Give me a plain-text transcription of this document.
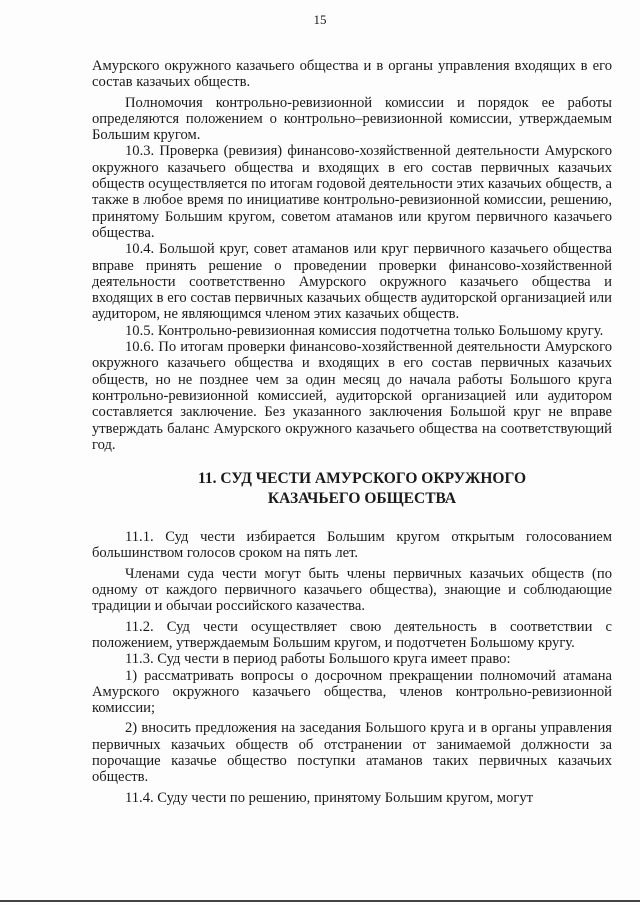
15

Амурского окружного казачьего общества и в органы управления входящих в его состав казачьих обществ.

Полномочия контрольно-ревизионной комиссии и порядок ее работы определяются положением о контрольно–ревизионной комиссии, утверждаемым Большим кругом.

10.3. Проверка (ревизия) финансово-хозяйственной деятельности Амурского окружного казачьего общества и входящих в его состав первичных казачьих обществ осуществляется по итогам годовой деятельности этих казачьих обществ, а также в любое время по инициативе контрольно-ревизионной комиссии, решению, принятому Большим кругом, советом атаманов или кругом первичного казачьего общества.

10.4. Большой круг, совет атаманов или круг первичного казачьего общества вправе принять решение о проведении проверки финансово-хозяйственной деятельности соответственно Амурского окружного казачьего общества и входящих в его состав первичных казачьих обществ аудиторской организацией или аудитором, не являющимся членом этих казачьих обществ.

10.5. Контрольно-ревизионная комиссия подотчетна только Большому кругу.

10.6. По итогам проверки финансово-хозяйственной деятельности Амурского окружного казачьего общества и входящих в его состав первичных казачьих обществ, но не позднее чем за один месяц до начала работы Большого круга контрольно-ревизионной комиссией, аудиторской организацией или аудитором составляется заключение. Без указанного заключения Большой круг не вправе утверждать баланс Амурского окружного казачьего общества на соответствующий год.

11. СУД ЧЕСТИ АМУРСКОГО ОКРУЖНОГО
КАЗАЧЬЕГО ОБЩЕСТВА

11.1. Суд чести избирается Большим кругом открытым голосованием большинством голосов сроком на пять лет.

Членами суда чести могут быть члены первичных казачьих обществ (по одному от каждого первичного казачьего общества), знающие и соблюдающие традиции и обычаи российского казачества.

11.2. Суд чести осуществляет свою деятельность в соответствии с положением, утверждаемым Большим кругом, и подотчетен Большому кругу.

11.3. Суд чести в период работы Большого круга имеет право:

1) рассматривать вопросы о досрочном прекращении полномочий атамана Амурского окружного казачьего общества, членов контрольно-ревизионной комиссии;

2) вносить предложения на заседания Большого круга и в органы управления первичных казачьих обществ об отстранении от занимаемой должности за порочащие казачье общество поступки атаманов таких первичных казачьих обществ.

11.4. Суду чести по решению, принятому Большим кругом, могут
